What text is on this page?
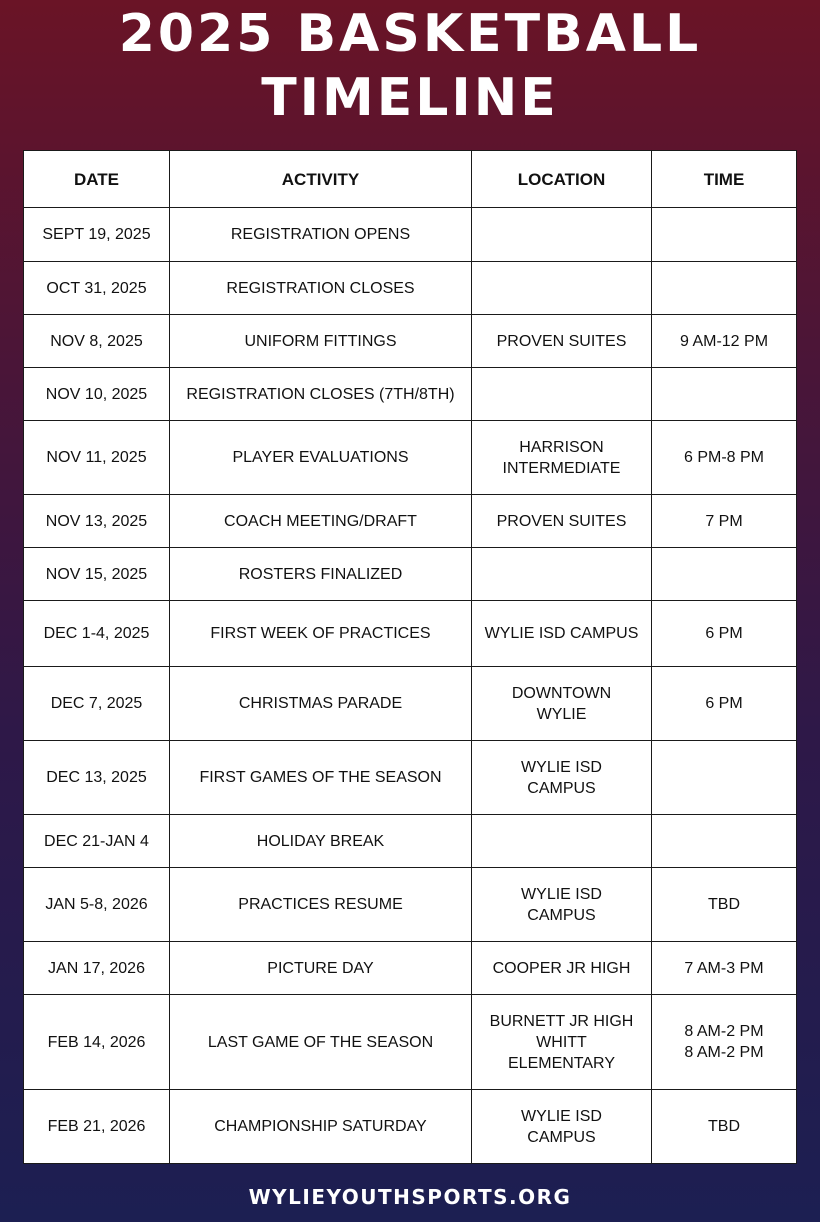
2025 BASKETBALL
TIMELINE
DATE	ACTIVITY	LOCATION	TIME
SEPT 19, 2025	REGISTRATION OPENS		
OCT 31, 2025	REGISTRATION CLOSES		
NOV 8, 2025	UNIFORM FITTINGS	PROVEN SUITES	9 AM-12 PM
NOV 10, 2025	REGISTRATION CLOSES (7TH/8TH)		
NOV 11, 2025	PLAYER EVALUATIONS	HARRISON
INTERMEDIATE	6 PM-8 PM
NOV 13, 2025	COACH MEETING/DRAFT	PROVEN SUITES	7 PM
NOV 15, 2025	ROSTERS FINALIZED		
DEC 1-4, 2025	FIRST WEEK OF PRACTICES	WYLIE ISD CAMPUS	6 PM
DEC 7, 2025	CHRISTMAS PARADE	DOWNTOWN
WYLIE	6 PM
DEC 13, 2025	FIRST GAMES OF THE SEASON	WYLIE ISD
CAMPUS	
DEC 21-JAN 4	HOLIDAY BREAK		
JAN 5-8, 2026	PRACTICES RESUME	WYLIE ISD
CAMPUS	TBD
JAN 17, 2026	PICTURE DAY	COOPER JR HIGH	7 AM-3 PM
FEB 14, 2026	LAST GAME OF THE SEASON	BURNETT JR HIGH
WHITT
ELEMENTARY	8 AM-2 PM
8 AM-2 PM
FEB 21, 2026	CHAMPIONSHIP SATURDAY	WYLIE ISD
CAMPUS	TBD
WYLIEYOUTHSPORTS.ORG
